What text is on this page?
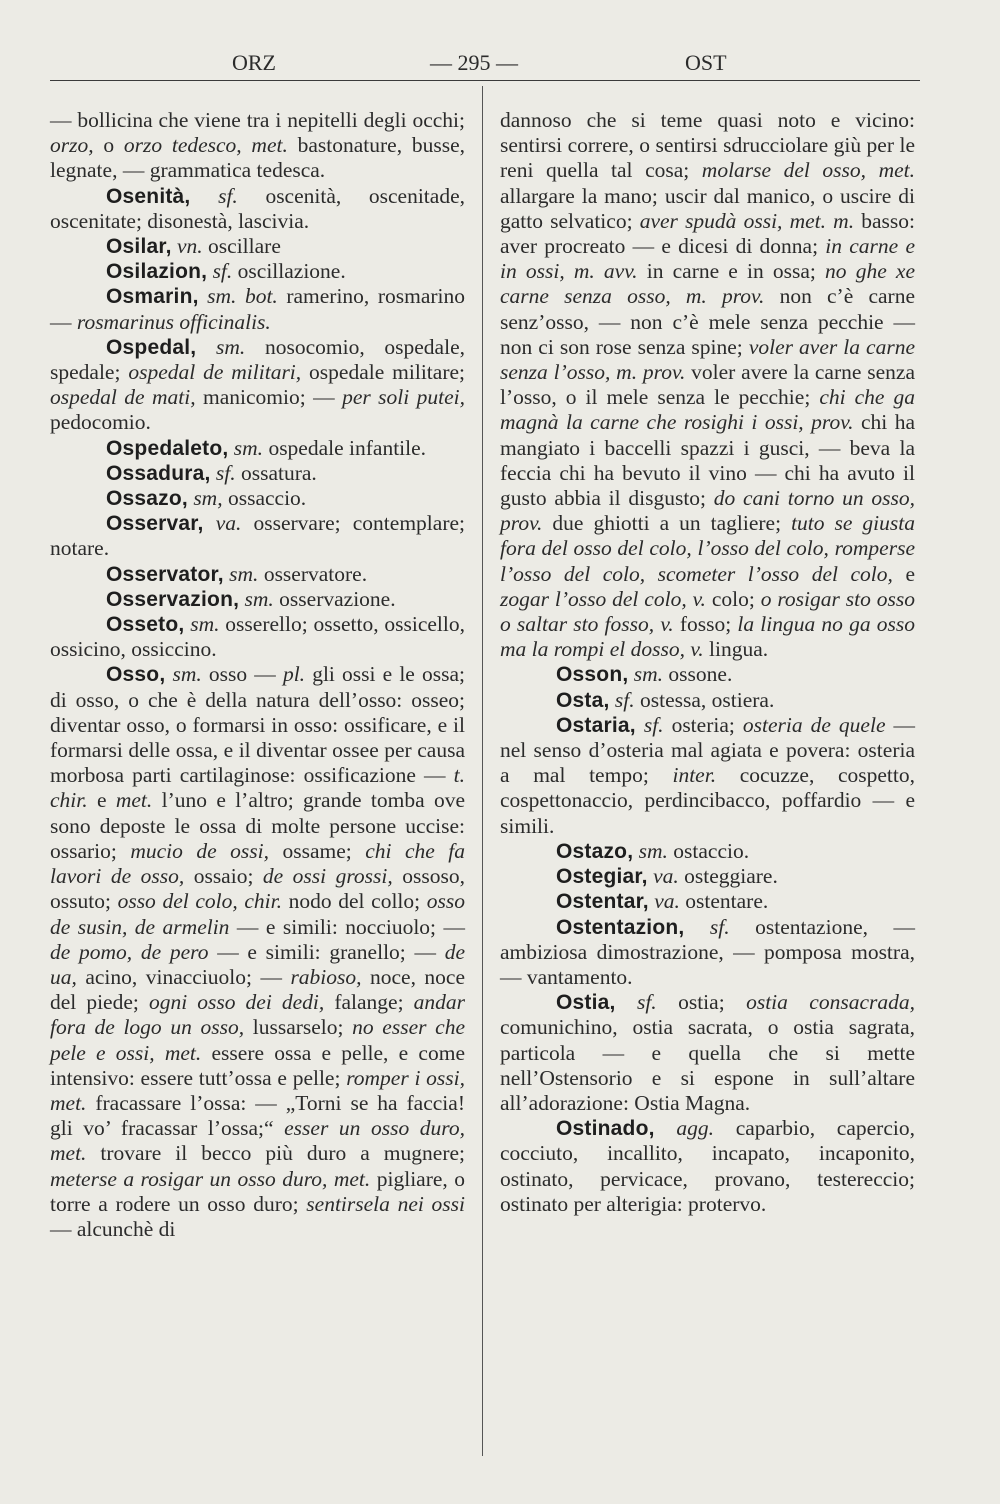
ORZ	— 295 —	OST

— bollicina che viene tra i nepitelli degli occhi; orzo, o orzo tedesco, met. bastonature, busse, legnate, — grammatica tedesca.

Osenità, sf. oscenità, oscenitade, oscenitate; disonestà, lascivia.

Osilar, vn. oscillare

Osilazion, sf. oscillazione.

Osmarin, sm. bot. ramerino, rosmarino — rosmarinus officinalis.

Ospedal, sm. nosocomio, ospedale, spedale; ospedal de militari, ospedale militare; ospedal de mati, manicomio; — per soli putei, pedocomio.

Ospedaleto, sm. ospedale infantile.

Ossadura, sf. ossatura.

Ossazo, sm, ossaccio.

Osservar, va. osservare; contemplare; notare.

Osservator, sm. osservatore.

Osservazion, sm. osservazione.

Osseto, sm. osserello; ossetto, ossicello, ossicino, ossiccino.

Osso, sm. osso — pl. gli ossi e le ossa; di osso, o che è della natura dell’osso: osseo; diventar osso, o formarsi in osso: ossificare, e il formarsi delle ossa, e il diventar ossee per causa morbosa parti cartilaginose: ossificazione — t. chir. e met. l’uno e l’altro; grande tomba ove sono deposte le ossa di molte persone uccise: ossario; mucio de ossi, ossame; chi che fa lavori de osso, ossaio; de ossi grossi, ossoso, ossuto; osso del colo, chir. nodo del collo; osso de susin, de armelin — e simili: nocciuolo; — de pomo, de pero — e simili: granello; — de ua, acino, vinacciuolo; — rabioso, noce, noce del piede; ogni osso dei dedi, falange; andar fora de logo un osso, lussarselo; no esser che pele e ossi, met. essere ossa e pelle, e come intensivo: essere tutt’ossa e pelle; romper i ossi, met. fracassare l’ossa: — „Torni se ha faccia! gli vo’ fracassar l’ossa;“ esser un osso duro, met. trovare il becco più duro a mugnere; meterse a rosigar un osso duro, met. pigliare, o torre a rodere un osso duro; sentirsela nei ossi — alcunchè di

dannoso che si teme quasi noto e vicino: sentirsi correre, o sentirsi sdrucciolare giù per le reni quella tal cosa; molarse del osso, met. allargare la mano; uscir dal manico, o uscire di gatto selvatico; aver spudà ossi, met. m. basso: aver procreato — e dicesi di donna; in carne e in ossi, m. avv. in carne e in ossa; no ghe xe carne senza osso, m. prov. non c’è carne senz’osso, — non c’è mele senza pecchie — non ci son rose senza spine; voler aver la carne senza l’osso, m. prov. voler avere la carne senza l’osso, o il mele senza le pecchie; chi che ga magnà la carne che rosighi i ossi, prov. chi ha mangiato i baccelli spazzi i gusci, — beva la feccia chi ha bevuto il vino — chi ha avuto il gusto abbia il disgusto; do cani torno un osso, prov. due ghiotti a un tagliere; tuto se giusta fora del osso del colo, l’osso del colo, romperse l’osso del colo, scometer l’osso del colo, e zogar l’osso del colo, v. colo; o rosigar sto osso o saltar sto fosso, v. fosso; la lingua no ga osso ma la rompi el dosso, v. lingua.

Osson, sm. ossone.

Osta, sf. ostessa, ostiera.

Ostaria, sf. osteria; osteria de quele — nel senso d’osteria mal agiata e povera: osteria a mal tempo; inter. cocuzze, cospetto, cospettonaccio, perdincibacco, poffardio — e simili.

Ostazo, sm. ostaccio.

Ostegiar, va. osteggiare.

Ostentar, va. ostentare.

Ostentazion, sf. ostentazione, — ambiziosa dimostrazione, — pomposa mostra, — vantamento.

Ostia, sf. ostia; ostia consacrada, comunichino, ostia sacrata, o ostia sagrata, particola — e quella che si mette nell’Ostensorio e si espone in sull’altare all’adorazione: Ostia Magna.

Ostinado, agg. caparbio, capercio, cocciuto, incallito, incapato, incaponito, ostinato, pervicace, provano, testereccio; ostinato per alterigia: protervo.
